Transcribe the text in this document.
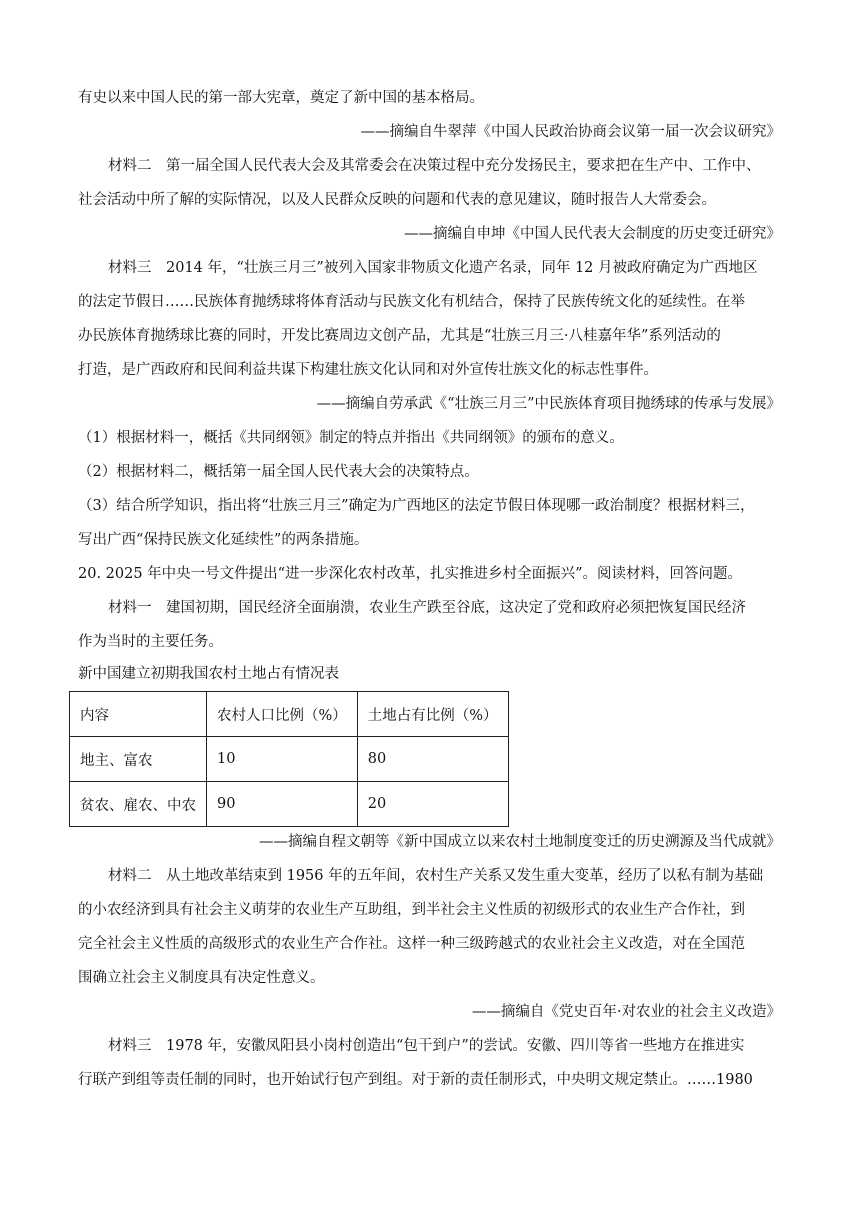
有史以来中国人民的第一部大宪章，奠定了新中国的基本格局。
——摘编自牛翠萍《中国人民政治协商会议第一届一次会议研究》
材料二　第一届全国人民代表大会及其常委会在决策过程中充分发扬民主，要求把在生产中、工作中、
社会活动中所了解的实际情况，以及人民群众反映的问题和代表的意见建议，随时报告人大常委会。
——摘编自申坤《中国人民代表大会制度的历史变迁研究》
材料三　2014 年，“壮族三月三”被列入国家非物质文化遗产名录，同年 12 月被政府确定为广西地区
的法定节假日……民族体育抛绣球将体育活动与民族文化有机结合，保持了民族传统文化的延续性。在举
办民族体育抛绣球比赛的同时，开发比赛周边文创产品，尤其是“壮族三月三·八桂嘉年华”系列活动的
打造，是广西政府和民间利益共谋下构建壮族文化认同和对外宣传壮族文化的标志性事件。
——摘编自劳承武《“壮族三月三”中民族体育项目抛绣球的传承与发展》
（1）根据材料一，概括《共同纲领》制定的特点并指出《共同纲领》的颁布的意义。
（2）根据材料二，概括第一届全国人民代表大会的决策特点。
（3）结合所学知识，指出将“壮族三月三”确定为广西地区的法定节假日体现哪一政治制度？根据材料三，
写出广西“保持民族文化延续性”的两条措施。
20. 2025 年中央一号文件提出“进一步深化农村改革，扎实推进乡村全面振兴”。阅读材料，回答问题。
材料一　建国初期，国民经济全面崩溃，农业生产跌至谷底，这决定了党和政府必须把恢复国民经济
作为当时的主要任务。
新中国建立初期我国农村土地占有情况表
内容	农村人口比例（%）	土地占有比例（%）
地主、富农	10	80
贫农、雇农、中农	90	20
——摘编自程文朝等《新中国成立以来农村土地制度变迁的历史溯源及当代成就》
材料二　从土地改革结束到 1956 年的五年间，农村生产关系又发生重大变革，经历了以私有制为基础
的小农经济到具有社会主义萌芽的农业生产互助组，到半社会主义性质的初级形式的农业生产合作社，到
完全社会主义性质的高级形式的农业生产合作社。这样一种三级跨越式的农业社会主义改造，对在全国范
围确立社会主义制度具有决定性意义。
——摘编自《党史百年·对农业的社会主义改造》
材料三　1978 年，安徽凤阳县小岗村创造出“包干到户”的尝试。安徽、四川等省一些地方在推进实
行联产到组等责任制的同时，也开始试行包产到组。对于新的责任制形式，中央明文规定禁止。……1980
